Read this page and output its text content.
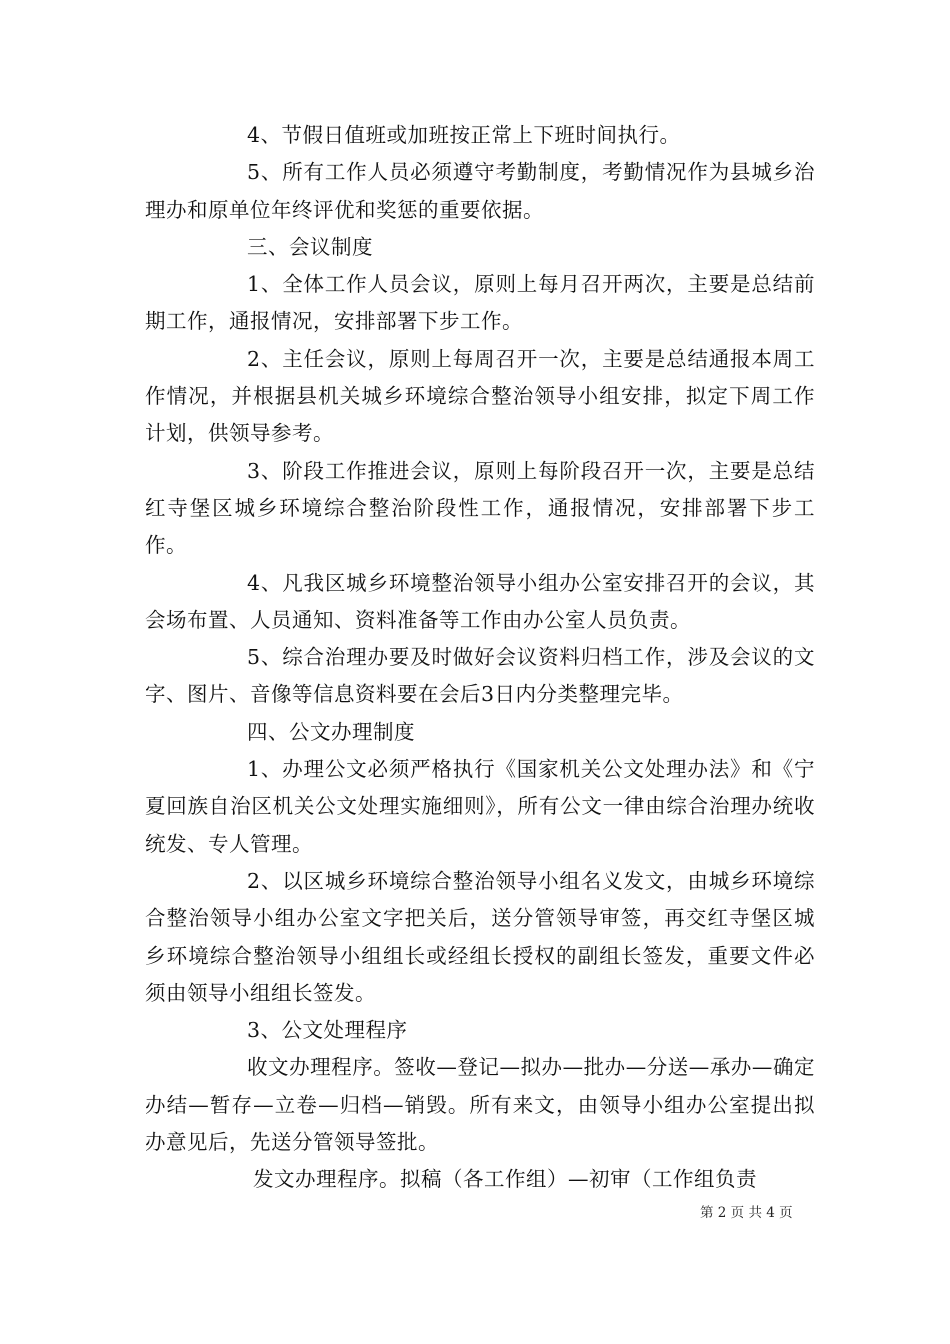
4、节假日值班或加班按正常上下班时间执行。

5、所有工作人员必须遵守考勤制度，考勤情况作为县城乡治理办和原单位年终评优和奖惩的重要依据。

三、会议制度

1、全体工作人员会议，原则上每月召开两次，主要是总结前期工作，通报情况，安排部署下步工作。

2、主任会议，原则上每周召开一次，主要是总结通报本周工作情况，并根据县机关城乡环境综合整治领导小组安排，拟定下周工作计划，供领导参考。

3、阶段工作推进会议，原则上每阶段召开一次，主要是总结红寺堡区城乡环境综合整治阶段性工作，通报情况，安排部署下步工作。

4、凡我区城乡环境整治领导小组办公室安排召开的会议，其会场布置、人员通知、资料准备等工作由办公室人员负责。

5、综合治理办要及时做好会议资料归档工作，涉及会议的文字、图片、音像等信息资料要在会后3日内分类整理完毕。

四、公文办理制度

1、办理公文必须严格执行《国家机关公文处理办法》和《宁夏回族自治区机关公文处理实施细则》，所有公文一律由综合治理办统收统发、专人管理。

2、以区城乡环境综合整治领导小组名义发文，由城乡环境综合整治领导小组办公室文字把关后，送分管领导审签，再交红寺堡区城乡环境综合整治领导小组组长或经组长授权的副组长签发，重要文件必须由领导小组组长签发。

3、公文处理程序

收文办理程序。签收—登记—拟办—批办—分送—承办—确定办结—暂存—立卷—归档—销毁。所有来文，由领导小组办公室提出拟办意见后，先送分管领导签批。

发文办理程序。拟稿（各工作组）—初审（工作组负责

第 2 页 共 4 页
